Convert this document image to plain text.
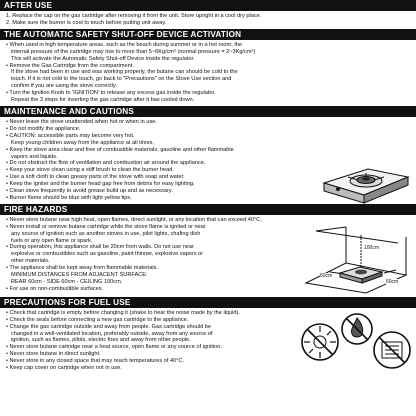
AFTER USE
1. Replace the cap on the gas cartridge after removing it from the unit. Store upright in a cool dry place.
2. Make sure the burner is cool to touch before putting unit away.
THE AUTOMATIC SAFETY SHUT-OFF DEVICE ACTIVATION
• When used in high temperature areas, such as the beach during summer or in a hot room, the
internal pressure of the cartridge may rise to more than 5~6Kg/cm² (normal pressure = 2~3Kg/cm²)
This will activate the Automatic Safety Shut-off Device inside the regulator.
• Remove the Gas Cartridge from the compartment.
If the stove had been in use and was working properly, the butane can should be cold to the
touch. If it is not cold to the touch, go back to "Precautions" on the Stove Use section and
confirm if you are using the stove correctly.
• Turn the Ignition Knob to 'IGNITION' to release any excess gas inside the regulator.
Repeat the 3 steps for inserting the gas cartridge after it has cooled down.
MAINTENANCE AND CAUTIONS
• Never leave the stove unattended when hot or when in use.
• Do not modify the appliance.
• CAUTION: accessible parts may become very hot.
Keep young children away from the appliance at all times.
• Keep the stove area clear and free of combustible materials, gasoline and other flammable
vapors and liquids.
• Do not obstruct the flow of ventilation and combustion air around the appliance.
• Keep your stove clean using a stiff brush to clean the burner head.
• Use a soft cloth to clean greasy parts of the stove with soap and water.
• Keep the igniter and the burner head gap free from debris for easy lighting.
• Clean stove frequently to avoid grease build up and as necessary.
• Burner flame should be blue with light yellow tips.
FIRE HAZARDS
• Never store butane near high heat, open flames, direct sunlight, or any location that can exceed 40°C.
• Never install or remove butane cartridge while the stove flame is ignited or near
any source of ignition such as another stoves in use, pilot lights, chafing dish
fuels or any open flame or spark.
• During operation, this appliance shall be 20cm from walls. Do not use near
explosive or combustibles such as gasoline, paint thinner, explosive vapors or
other materials.
• The appliance shall be kept away from flammable materials.
MINIMUM DISTANCES FROM ADJACENT SURFACE:
REAR 60cm - SIDE 60cm - CEILING 100cm.
• For use on non-combustible surfaces.
100cm
60cm
60cm
PRECAUTIONS FOR FUEL USE
• Check that cartridge is empty before changing it (shake to hear the noise made by the liquid).
• Check the seals before connecting a new gas cartridge to the appliance.
• Change the gas cartridge outside and away from people. Gas cartridge should be
changed in a well-ventilated location, preferably outside, away from any source of
ignition, such as flames, pilots, electric fires and away from other people.
• Never store butane cartridge near a heat source, open flame or any source of ignition.
• Never store butane in direct sunlight.
• Never store in any closed space that may reach temperatures of 40°C.
• Keep cap cover on cartridge when not in use.
